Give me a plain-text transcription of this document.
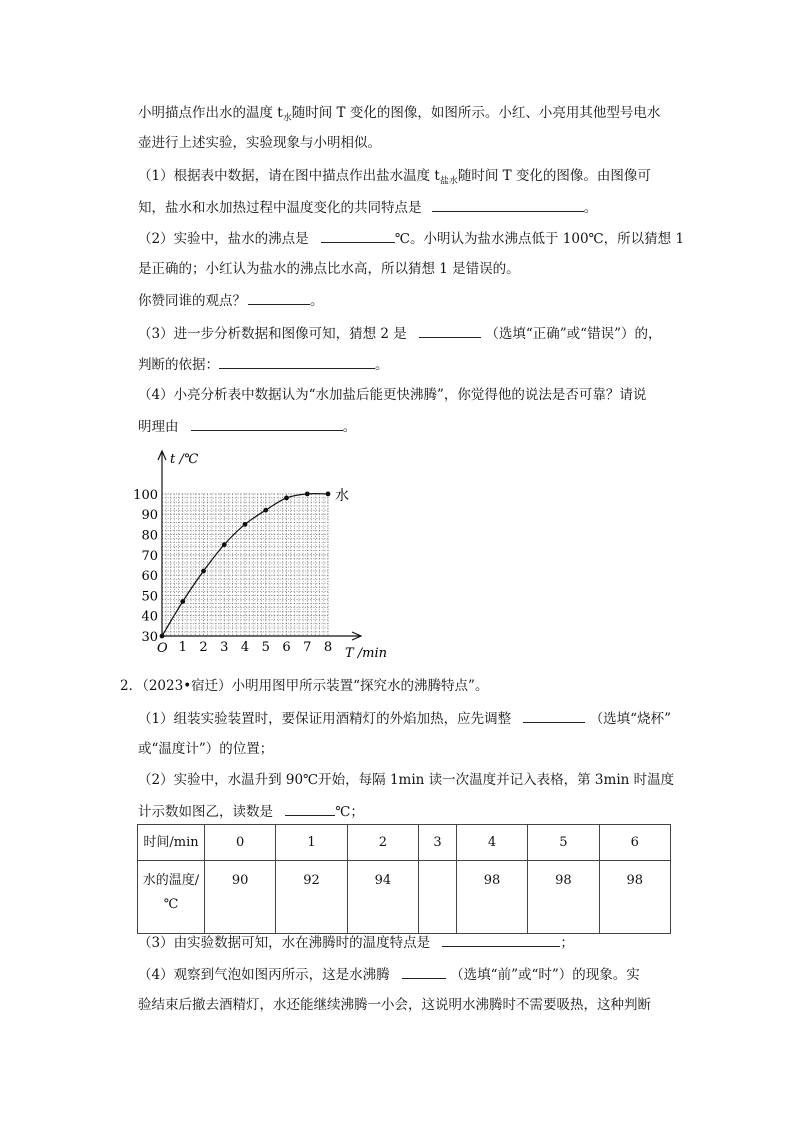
小明描点作出水的温度 $t_水$随时间 T 变化的图像，如图所示。小红、小亮用其他型号电水
壶进行上述实验，实验现象与小明相似。
（1）根据表中数据，请在图中描点作出盐水温度 $t_{盐水}$随时间 T 变化的图像。由图像可
知，盐水和水加热过程中温度变化的共同特点是	。
（2）实验中，盐水的沸点是	℃。小明认为盐水沸点低于 100℃，所以猜想 1
是正确的；小红认为盐水的沸点比水高，所以猜想 1 是错误的。
你赞同谁的观点？	。
（3）进一步分析数据和图像可知，猜想 2 是	（选填“正确”或“错误”）的，
判断的依据：	。
（4）小亮分析表中数据认为“水加盐后能更快沸腾”，你觉得他的说法是否可靠？请说
明理由	。
1 2 3 4 5 6 7 8
30
40
50
60
70
80
90
100
t /℃
T /min
O
水
2．（2023•宿迁）小明用图甲所示装置“探究水的沸腾特点”。
（1）组装实验装置时，要保证用酒精灯的外焰加热，应先调整	（选填“烧杯”
或“温度计”）的位置；
（2）实验中，水温升到 90℃开始，每隔 1min 读一次温度并记入表格，第 3min 时温度
计示数如图乙，读数是	℃；
时间/min	0	1	2	3	4	5	6

水的温度/
℃	90	92	94		98	98	98
（3）由实验数据可知，水在沸腾时的温度特点是	；
（4）观察到气泡如图丙所示，这是水沸腾	（选填“前”或“时”）的现象。实
验结束后撤去酒精灯，水还能继续沸腾一小会，这说明水沸腾时不需要吸热，这种判断
